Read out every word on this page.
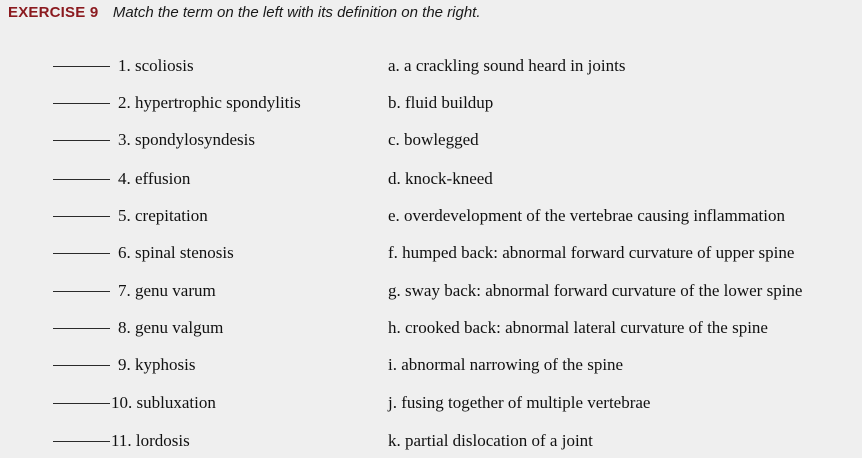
EXERCISE 9 Match the term on the left with its definition on the right.
1. scoliosis	a. a crackling sound heard in joints
2. hypertrophic spondylitis	b. fluid buildup
3. spondylosyndesis	c. bowlegged
4. effusion	d. knock-kneed
5. crepitation	e. overdevelopment of the vertebrae causing inflammation
6. spinal stenosis	f. humped back: abnormal forward curvature of upper spine
7. genu varum	g. sway back: abnormal forward curvature of the lower spine
8. genu valgum	h. crooked back: abnormal lateral curvature of the spine
9. kyphosis	i. abnormal narrowing of the spine
10. subluxation	j. fusing together of multiple vertebrae
11. lordosis	k. partial dislocation of a joint
